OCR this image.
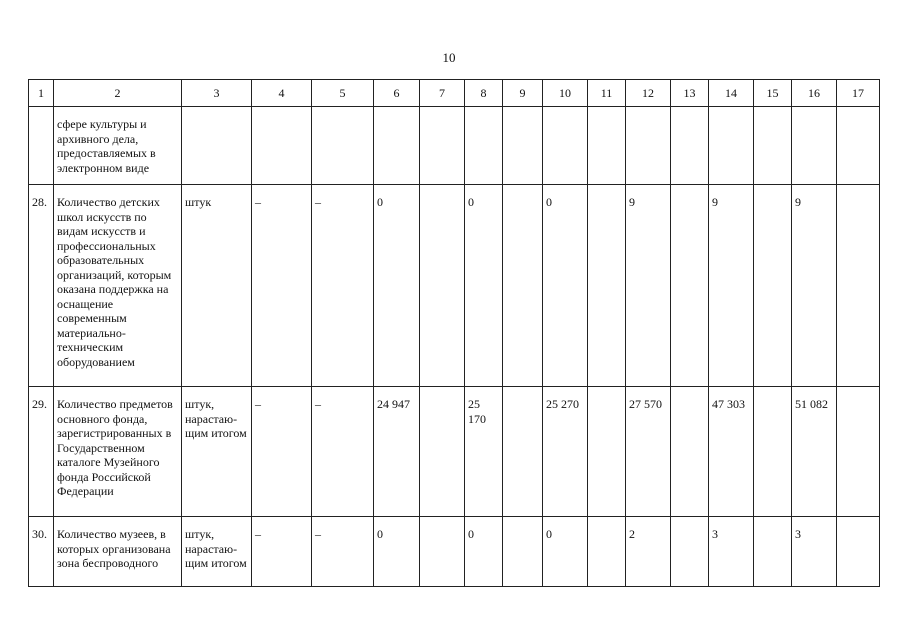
10
1	2	3	4	5	6	7	8	9	10	11	12	13	14	15	16	17
	сфере культуры и архивного дела, предоставляемых в электронном виде															
28.	Количество детских школ искусств по видам искусств и профессиональных образовательных организаций, которым оказана поддержка на оснащение современным материально-техническим оборудованием	штук	–	–	0		0		0		9		9		9	
29.	Количество предметов основного фонда, зарегистрированных в Государственном каталоге Музейного фонда Российской Федерации	штук, нарастаю-щим итогом	–	–	24 947		25 170		25 270		27 570		47 303		51 082	
30.	Количество музеев, в которых организована зона беспроводного	штук, нарастаю-щим итогом	–	–	0		0		0		2		3		3	
